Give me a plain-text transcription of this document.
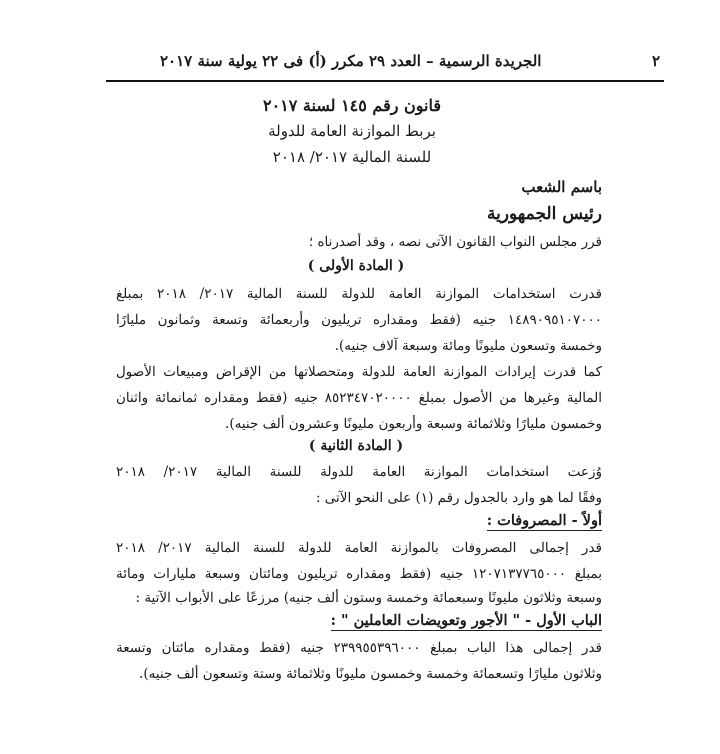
٢
الجريدة الرسمية – العدد ٢٩ مكرر (أ) فى ٢٢ يولية سنة ٢٠١٧
قانون رقم ١٤٥ لسنة ٢٠١٧
بربط الموازنة العامة للدولة
للسنة المالية ٢٠١٧/ ٢٠١٨
باسم الشعب
رئيس الجمهورية
قرر مجلس النواب القانون الآتى نصه ، وقد أصدرناه ؛
( المادة الأولى )
قدرت استخدامات الموازنة العامة للدولة للسنة المالية ٢٠١٧/ ٢٠١٨ بمبلغ
١٤٨٩٠٩٥١٠٧٠٠٠ جنيه (فقط ومقداره تريليون وأربعمائة وتسعة وثمانون مليارًا
وخمسة وتسعون مليونًا ومائة وسبعة آلاف جنيه).
كما قدرت إيرادات الموازنة العامة للدولة ومتحصلاتها من الإقراض ومبيعات الأصول
المالية وغيرها من الأصول بمبلغ ٨٥٢٣٤٧٠٢٠٠٠٠ جنيه (فقط ومقداره ثمانمائة واثنان
وخمسون مليارًا وثلاثمائة وسبعة وأربعون مليونًا وعشرون ألف جنيه).
( المادة الثانية )
وُزعت استخدامات الموازنة العامة للدولة للسنة المالية ٢٠١٧/ ٢٠١٨
وفقًا لما هو وارد بالجدول رقم (١) على النحو الآتى :
أولاً - المصروفات :
قدر إجمالى المصروفات بالموازنة العامة للدولة للسنة المالية ٢٠١٧/ ٢٠١٨
بمبلغ ١٢٠٧١٣٧٧٦٥٠٠٠ جنيه (فقط ومقداره تريليون ومائتان وسبعة مليارات ومائة
وسبعة وثلاثون مليونًا وسبعمائة وخمسة وستون ألف جنيه) مرزعًا على الأبواب الآتية :
الباب الأول - " الأجور وتعويضات العاملين " :
قدر إجمالى هذا الباب بمبلغ ٢٣٩٩٥٥٣٩٦٠٠٠ جنيه (فقط ومقداره مائتان وتسعة
وثلاثون مليارًا وتسعمائة وخمسة وخمسون مليونًا وثلاثمائة وستة وتسعون ألف جنيه).
